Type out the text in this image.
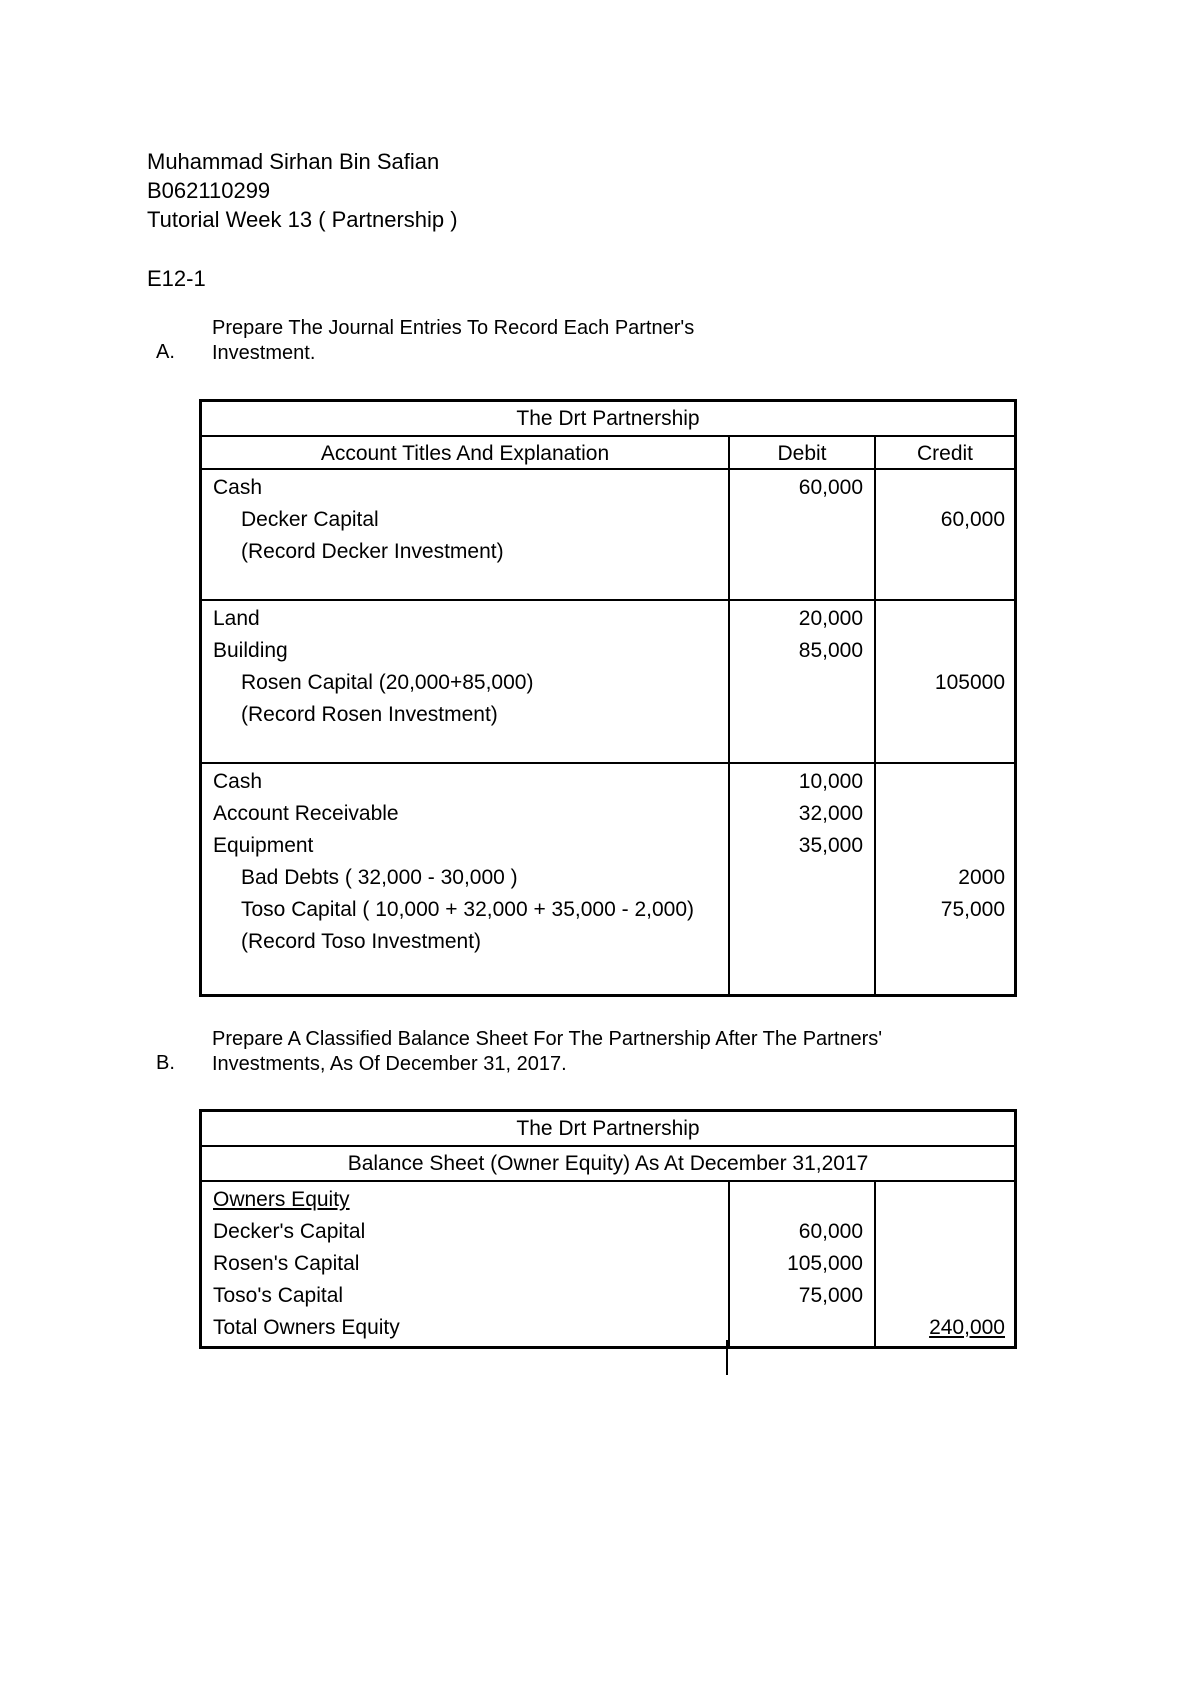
Muhammad Sirhan Bin Safian
B062110299
Tutorial Week 13 ( Partnership )
E12-1
A.
Prepare The Journal Entries To Record Each Partner's
Investment.
The Drt Partnership
Account Titles And Explanation	Debit	Credit
Cash
Decker Capital
(Record Decker Investment)
60,000
60,000
Land
Building
Rosen Capital (20,000+85,000)
(Record Rosen Investment)
20,000
85,000
105000
Cash
Account Receivable
Equipment
Bad Debts ( 32,000 - 30,000 )
Toso Capital ( 10,000 + 32,000 + 35,000 - 2,000)
(Record Toso Investment)
10,000
32,000
35,000
2000
75,000
B.
Prepare A Classified Balance Sheet For The Partnership After The Partners'
Investments, As Of December 31, 2017.
The Drt Partnership
Balance Sheet (Owner Equity) As At December 31,2017
Owners Equity
Decker's Capital
Rosen's Capital
Toso's Capital
Total Owners Equity
60,000
105,000
75,000
240,000
